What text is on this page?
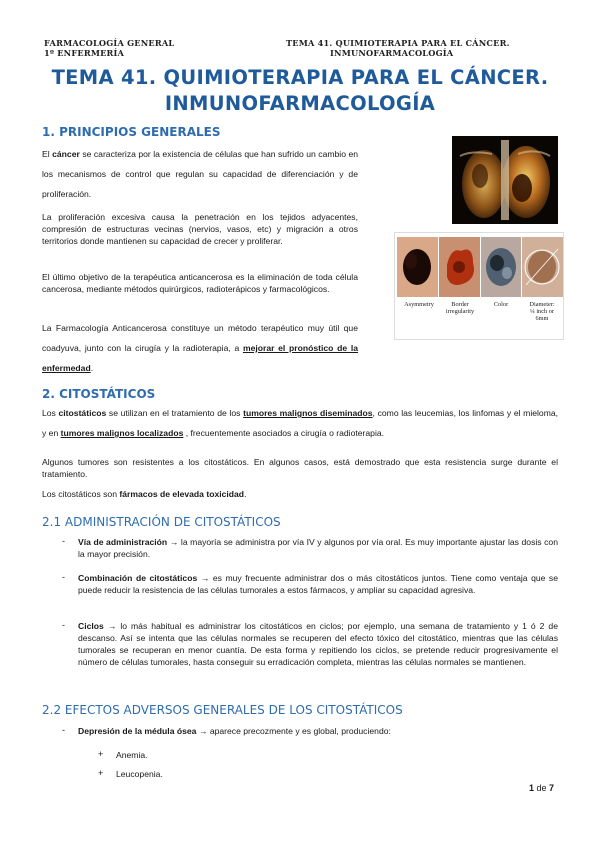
FARMACOLOGÍA GENERAL
1º ENFERMERÍA
TEMA 41. QUIMIOTERAPIA PARA EL CÁNCER.
INMUNOFARMACOLOGÍA
TEMA 41. QUIMIOTERAPIA PARA EL CÁNCER.
INMUNOFARMACOLOGÍA
1. PRINCIPIOS GENERALES
El cáncer se caracteriza por la existencia de células que han sufrido un cambio en los mecanismos de control que regulan su capacidad de diferenciación y de proliferación.
La proliferación excesiva causa la penetración en los tejidos adyacentes, compresión de estructuras vecinas (nervios, vasos, etc) y migración a otros territorios donde mantienen su capacidad de crecer y proliferar.
El último objetivo de la terapéutica anticancerosa es la eliminación de toda célula cancerosa, mediante métodos quirúrgicos, radioterápicos y farmacológicos.
La Farmacología Anticancerosa constituye un método terapéutico muy útil que coadyuva, junto con la cirugía y la radioterapia, a mejorar el pronóstico de la enfermedad.
Asymmetry	Border
irregularity
Color	Diameter:
¼ inch or
6mm
2. CITOSTÁTICOS
Los citostáticos se utilizan en el tratamiento de los tumores malignos diseminados, como las leucemias, los linfomas y el mieloma, y en tumores malignos localizados , frecuentemente asociados a cirugía o radioterapia.
Algunos tumores son resistentes a los citostáticos. En algunos casos, está demostrado que esta resistencia surge durante el tratamiento.
Los citostáticos son fármacos de elevada toxicidad.
2.1 ADMINISTRACIÓN DE CITOSTÁTICOS
- Vía de administración → la mayoría se administra por vía IV y algunos por vía oral. Es muy importante ajustar las dosis con la mayor precisión.
- Combinación de citostáticos → es muy frecuente administrar dos o más citostáticos juntos. Tiene como ventaja que se puede reducir la resistencia de las células tumorales a estos fármacos, y ampliar su capacidad agresiva.
- Ciclos → lo más habitual es administrar los citostáticos en ciclos; por ejemplo, una semana de tratamiento y 1 ó 2 de descanso. Así se intenta que las células normales se recuperen del efecto tóxico del citostático, mientras que las células tumorales se recuperan en menor cuantía. De esta forma y repitiendo los ciclos, se pretende reducir progresivamente el número de células tumorales, hasta conseguir su erradicación completa, mientras las células normales se mantienen.
2.2 EFECTOS ADVERSOS GENERALES DE LOS CITOSTÁTICOS
- Depresión de la médula ósea → aparece precozmente y es global, produciendo:
+ Anemia.
+ Leucopenia.
1 de 7
